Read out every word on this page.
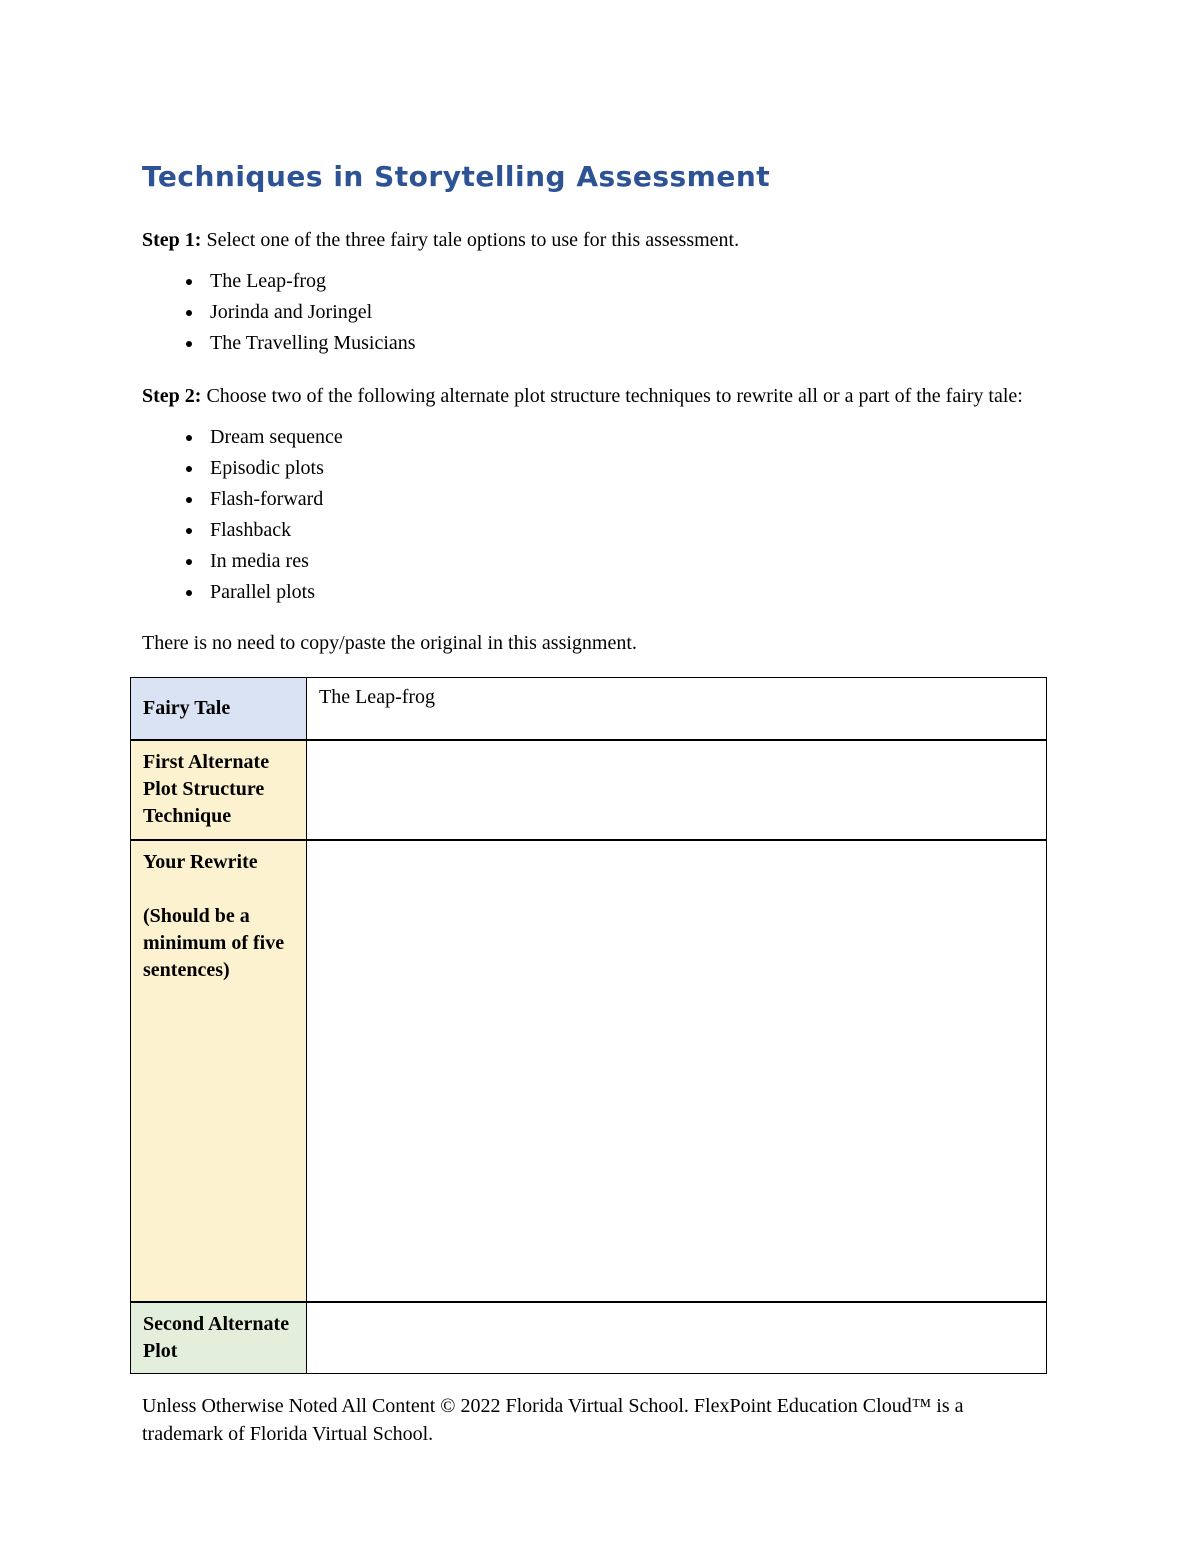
Techniques in Storytelling Assessment

Step 1: Select one of the three fairy tale options to use for this assessment.

• The Leap-frog
• Jorinda and Joringel
• The Travelling Musicians

Step 2: Choose two of the following alternate plot structure techniques to rewrite all or a part of the fairy tale:

• Dream sequence
• Episodic plots
• Flash-forward
• Flashback
• In media res
• Parallel plots

There is no need to copy/paste the original in this assignment.

Fairy Tale	The Leap-frog
First Alternate Plot Structure Technique	

Your Rewrite
(Should be a minimum of five sentences)	

Second Alternate Plot	

Unless Otherwise Noted All Content © 2022 Florida Virtual School. FlexPoint Education Cloud™ is a trademark of Florida Virtual School.
